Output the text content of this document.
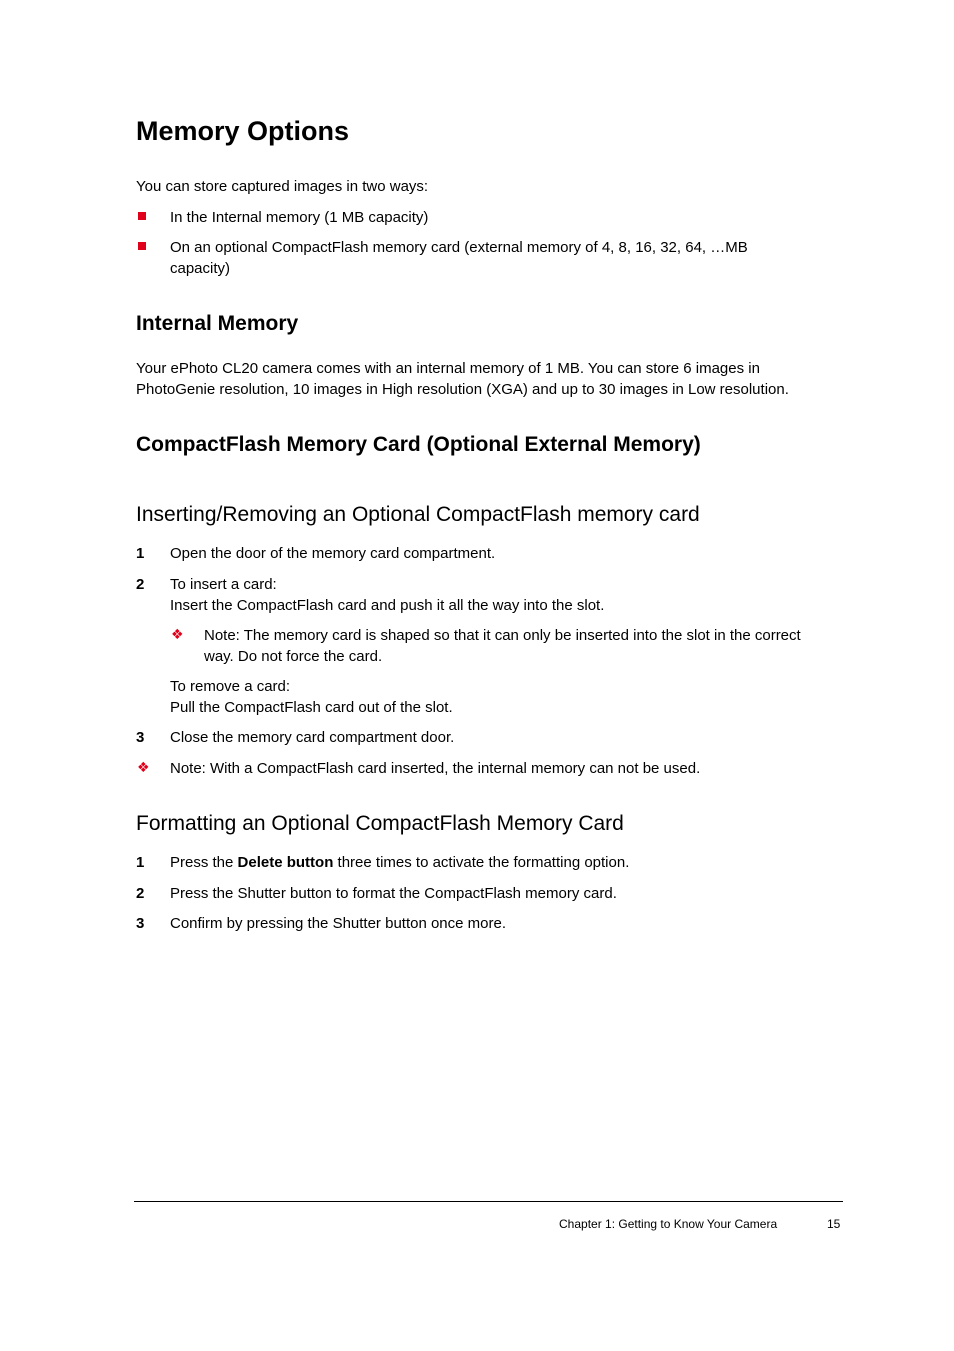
Memory Options
You can store captured images in two ways:
In the Internal memory (1 MB capacity)
On an optional CompactFlash memory card (external memory of 4, 8, 16, 32, 64, …MB
capacity)
Internal Memory
Your ePhoto CL20 camera comes with an internal memory of 1 MB. You can store 6 images in
PhotoGenie resolution, 10 images in High resolution (XGA) and up to 30 images in Low resolution.
CompactFlash Memory Card (Optional External Memory)
Inserting/Removing an Optional CompactFlash memory card
1 Open the door of the memory card compartment.
2 To insert a card:
Insert the CompactFlash card and push it all the way into the slot.
❖ Note: The memory card is shaped so that it can only be inserted into the slot in the correct
way. Do not force the card.
To remove a card:
Pull the CompactFlash card out of the slot.
3 Close the memory card compartment door.
❖ Note: With a CompactFlash card inserted, the internal memory can not be used.
Formatting an Optional CompactFlash Memory Card
1 Press the Delete button three times to activate the formatting option.
2 Press the Shutter button to format the CompactFlash memory card.
3 Confirm by pressing the Shutter button once more.
Chapter 1: Getting to Know Your Camera	15
